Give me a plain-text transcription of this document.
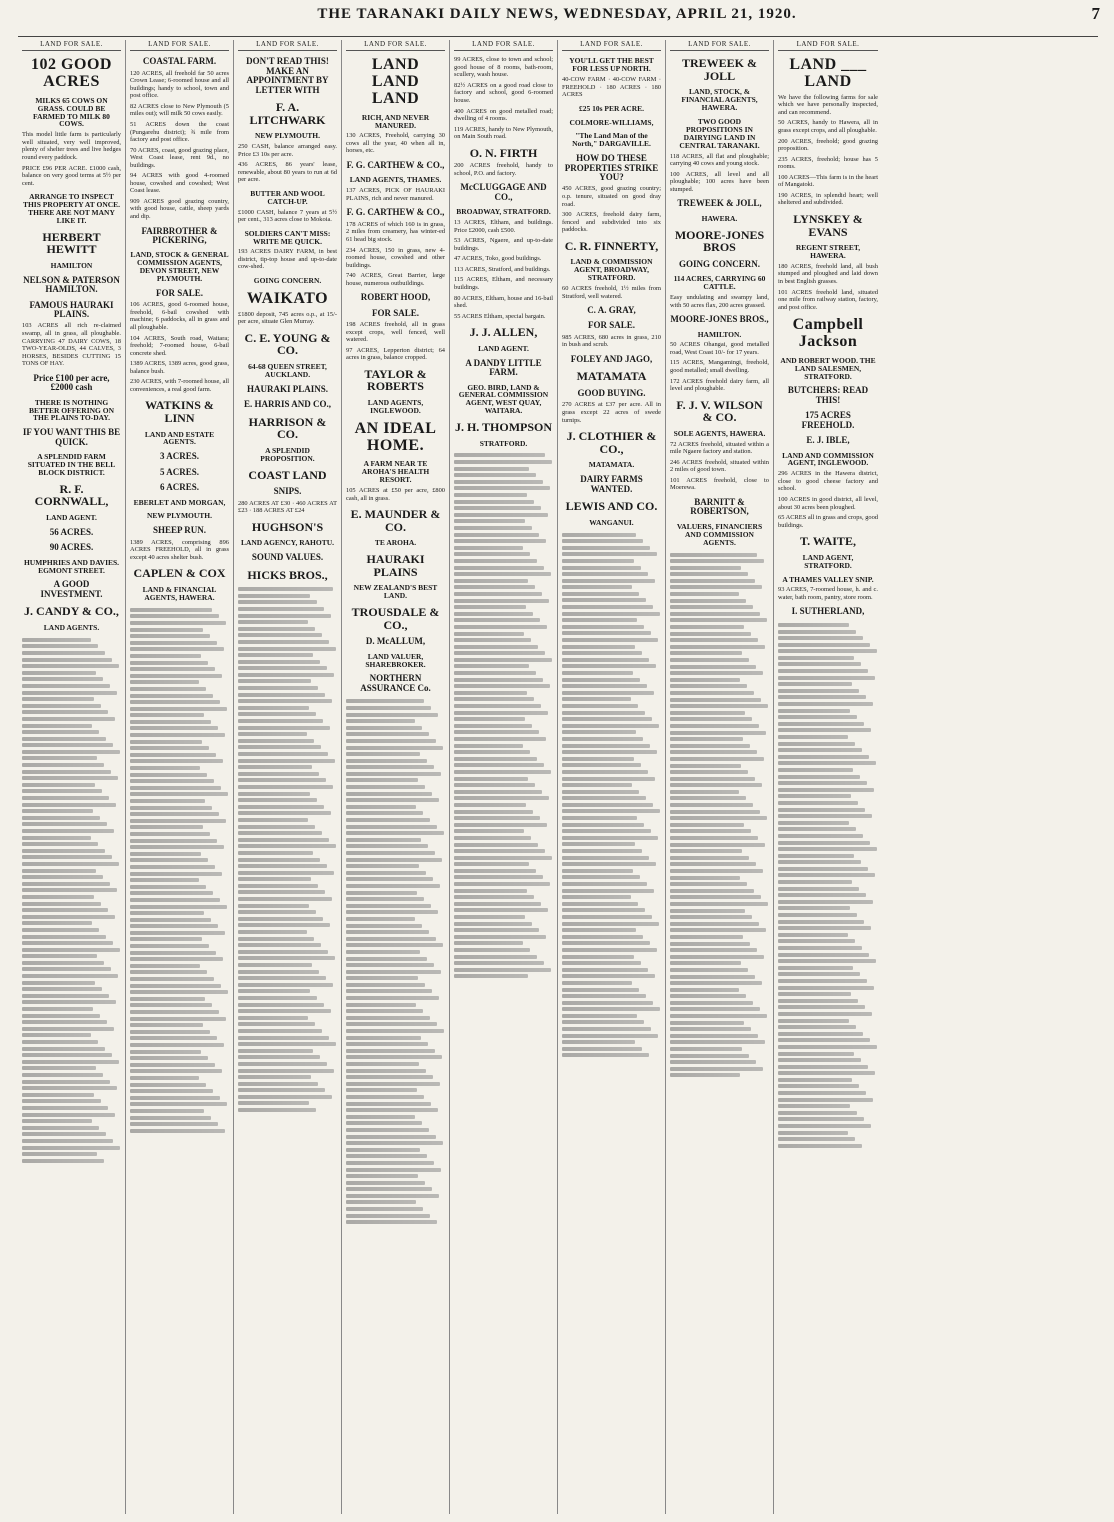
THE TARANAKI DAILY NEWS, WEDNESDAY, APRIL 21, 1920.	7
LAND FOR SALE.
102 GOOD ACRES
MILKS 65 COWS ON GRASS. COULD BE FARMED TO MILK 80 COWS.
This model little farm is particularly well situated, very well improved, plenty of shelter trees and live hedges round every paddock.
PRICE £96 PER ACRE. £1000 cash, balance on very good terms at 5½ per cent.
ARRANGE TO INSPECT THIS PROPERTY AT ONCE. THERE ARE NOT MANY LIKE IT.
HERBERT HEWITT
HAMILTON
NELSON & PATERSON HAMILTON.
FAMOUS HAURAKI PLAINS.
103 ACRES all rich re-claimed swamp, all in grass, all ploughable. CARRYING 47 DAIRY COWS, 18 TWO-YEAR-OLDS, 44 CALVES, 3 HORSES, BESIDES CUTTING 15 TONS OF HAY.
Price £100 per acre, £2000 cash
THERE IS NOTHING BETTER OFFERING ON THE PLAINS TO-DAY.
IF YOU WANT THIS BE QUICK.
A SPLENDID FARM SITUATED IN THE BELL BLOCK DISTRICT.
R. F. CORNWALL,
LAND AGENT.
56 ACRES.
90 ACRES.
HUMPHRIES AND DAVIES. EGMONT STREET.
A GOOD INVESTMENT.
J. CANDY & CO.,
LAND AGENTS.
LAND FOR SALE.
COASTAL FARM.
120 ACRES, all freehold far 50 acres Crown Lease; 6-roomed house and all buildings; handy to school, town and post office.
82 ACRES close to New Plymouth (5 miles out); will milk 50 cows easily.
51 ACRES down the coast (Pungarehu district); ¾ mile from factory and post office.
70 ACRES, coast, good grazing place, West Coast lease, rent 9d., no buildings.
94 ACRES with good 4-roomed house, cowshed and cowshed; West Coast lease.
909 ACRES good grazing country, with good house, cattle, sheep yards and dip.
FAIRBROTHER & PICKERING,
LAND, STOCK & GENERAL COMMISSION AGENTS, DEVON STREET, NEW PLYMOUTH.
FOR SALE.
106 ACRES, good 6-roomed house, freehold, 6-bail cowshed with machine; 6 paddocks, all in grass and all ploughable.
104 ACRES, South road, Waitara; freehold; 7-roomed house, 6-bail concrete shed.
1389 ACRES, 1389 acres, good grass, balance bush.
230 ACRES, with 7-roomed house, all conveniences, a real good farm.
WATKINS & LINN
LAND AND ESTATE AGENTS.
3 ACRES.
5 ACRES.
6 ACRES.
EBERLET AND MORGAN,
NEW PLYMOUTH.
SHEEP RUN.
1389 ACRES, comprising 896 ACRES FREEHOLD, all in grass except 40 acres shelter bush.
CAPLEN & COX
LAND & FINANCIAL AGENTS, HAWERA.
LAND FOR SALE.
DON'T READ THIS! MAKE AN APPOINTMENT BY LETTER WITH
F. A. LITCHWARK
NEW PLYMOUTH.
250 CASH, balance arranged easy. Price £3 10s per acre.
436 ACRES, 86 years' lease, renewable, about 80 years to run at 6d per acre.
BUTTER AND WOOL CATCH-UP.
£1000 CASH, balance 7 years at 5½ per cent., 313 acres close to Mokoia.
SOLDIERS CAN'T MISS: WRITE ME QUICK.
193 ACRES DAIRY FARM, in best district, tip-top house and up-to-date cow-shed.
GOING CONCERN.
WAIKATO
£1800 deposit, 745 acres o.p., at 15/-per acre, situate Glen Murray.
C. E. YOUNG & CO.
64-68 QUEEN STREET, AUCKLAND.
HAURAKI PLAINS.
E. HARRIS AND CO.,
HARRISON & CO.
A SPLENDID PROPOSITION.
COAST LAND
SNIPS.
280 ACRES AT £30 · 460 ACRES AT £23 · 188 ACRES AT £24
HUGHSON'S
LAND AGENCY, RAHOTU.
SOUND VALUES.
HICKS BROS.,
LAND FOR SALE.
LAND LAND LAND
RICH, AND NEVER MANURED.
130 ACRES, Freehold, carrying 30 cows all the year, 40 when all in, horses, etc.
F. G. CARTHEW & CO.,
LAND AGENTS, THAMES.
137 ACRES, PICK OF HAURAKI PLAINS, rich and never manured.
F. G. CARTHEW & CO.,
178 ACRES of which 160 is in grass, 2 miles from creamery, has winter-ed 61 head big stock.
234 ACRES, 150 in grass, new 4-roomed house, cowshed and other buildings.
740 ACRES, Great Barrier, large house, numerous outbuildings.
ROBERT HOOD,
FOR SALE.
198 ACRES freehold, all in grass except crops, well fenced, well watered.
97 ACRES, Lepperton district; 64 acres in grass, balance cropped.
TAYLOR & ROBERTS
LAND AGENTS, INGLEWOOD.
AN IDEAL HOME.
A FARM NEAR TE AROHA'S HEALTH RESORT.
105 ACRES at £50 per acre, £800 cash, all in grass.
E. MAUNDER & CO.
TE AROHA.
HAURAKI PLAINS
NEW ZEALAND'S BEST LAND.
TROUSDALE & CO.,
D. McALLUM,
LAND VALUER, SHAREBROKER.
NORTHERN ASSURANCE Co.
LAND FOR SALE.
99 ACRES, close to town and school; good house of 8 rooms, bath-room, scullery, wash house.
82½ ACRES on a good road close to factory and school, good 6-roomed house.
400 ACRES on good metalled road; dwelling of 4 rooms.
119 ACRES, handy to New Plymouth, on Main South road.
O. N. FIRTH
200 ACRES freehold, handy to school, P.O. and factory.
McCLUGGAGE AND CO.,
BROADWAY, STRATFORD.
13 ACRES, Eltham, and buildings. Price £2000, cash £500.
53 ACRES, Ngaere, and up-to-date buildings.
47 ACRES, Toko, good buildings.
113 ACRES, Stratford, and buildings.
115 ACRES, Eltham, and necessary buildings.
80 ACRES, Eltham, house and 16-bail shed.
55 ACRES Eltham, special bargain.
J. J. ALLEN,
LAND AGENT.
A DANDY LITTLE FARM.
GEO. BIRD, LAND & GENERAL COMMISSION AGENT, WEST QUAY, WAITARA.
J. H. THOMPSON
STRATFORD.
LAND FOR SALE.
YOU'LL GET THE BEST FOR LESS UP NORTH.
40-COW FARM · 40-COW FARM · FREEHOLD · 180 ACRES · 180 ACRES
£25 10s PER ACRE.
COLMORE-WILLIAMS,
"The Land Man of the North," DARGAVILLE.
HOW DO THESE PROPERTIES STRIKE YOU?
450 ACRES, good grazing country; o.p. tenure, situated on good dray road.
300 ACRES, freehold dairy farm, fenced and subdivided into six paddocks.
C. R. FINNERTY,
LAND & COMMISSION AGENT, BROADWAY, STRATFORD.
60 ACRES freehold, 1½ miles from Stratford, well watered.
C. A. GRAY,
FOR SALE.
985 ACRES, 680 acres in grass, 210 in bush and scrub.
FOLEY AND JAGO,
MATAMATA
GOOD BUYING.
270 ACRES at £37 per acre. All in grass except 22 acres of swede turnips.
J. CLOTHIER & CO.,
MATAMATA.
DAIRY FARMS WANTED.
LEWIS AND CO.
WANGANUI.
LAND FOR SALE.
TREWEEK & JOLL
LAND, STOCK, & FINANCIAL AGENTS, HAWERA.
TWO GOOD PROPOSITIONS IN DAIRYING LAND IN CENTRAL TARANAKI.
118 ACRES, all flat and ploughable; carrying 40 cows and young stock.
100 ACRES, all level and all ploughable; 100 acres have been stumped.
TREWEEK & JOLL,
HAWERA.
MOORE-JONES BROS
GOING CONCERN.
114 ACRES, CARRYING 60 CATTLE.
Easy undulating and swampy land, with 50 acres flax, 200 acres grassed.
MOORE-JONES BROS.,
HAMILTON.
50 ACRES Ohangai, good metalled road, West Coast 10/- for 17 years.
115 ACRES, Mangamingi, freehold, good metalled; small dwelling.
172 ACRES freehold dairy farm, all level and ploughable.
F. J. V. WILSON & CO.
SOLE AGENTS, HAWERA.
72 ACRES freehold, situated within a mile Ngaere factory and station.
246 ACRES freehold, situated within 2 miles of good town.
101 ACRES freehold, close to Moerewa.
BARNITT & ROBERTSON,
VALUERS, FINANCIERS AND COMMISSION AGENTS.
LAND FOR SALE.
LAND ___ LAND
We have the following farms for sale which we have personally inspected, and can recommend.
50 ACRES, handy to Hawera, all in grass except crops, and all ploughable.
200 ACRES, freehold; good grazing proposition.
235 ACRES, freehold; house has 5 rooms.
100 ACRES—This farm is in the heart of Mangatoki.
190 ACRES, in splendid heart; well sheltered and subdivided.
LYNSKEY & EVANS
REGENT STREET, HAWERA.
180 ACRES, freehold land, all bush stumped and ploughed and laid down in best English grasses.
101 ACRES freehold land, situated one mile from railway station, factory, and post office.
Campbell Jackson
AND ROBERT WOOD. THE LAND SALESMEN, STRATFORD.
BUTCHERS: READ THIS!
175 ACRES FREEHOLD.
E. J. IBLE,
LAND AND COMMISSION AGENT, INGLEWOOD.
296 ACRES in the Hawera district, close to good cheese factory and school.
100 ACRES in good district, all level, about 30 acres been ploughed.
65 ACRES all in grass and crops, good buildings.
T. WAITE,
LAND AGENT, STRATFORD.
A THAMES VALLEY SNIP.
93 ACRES, 7-roomed house, h. and c. water, bath room, pantry, store room.
I. SUTHERLAND,
